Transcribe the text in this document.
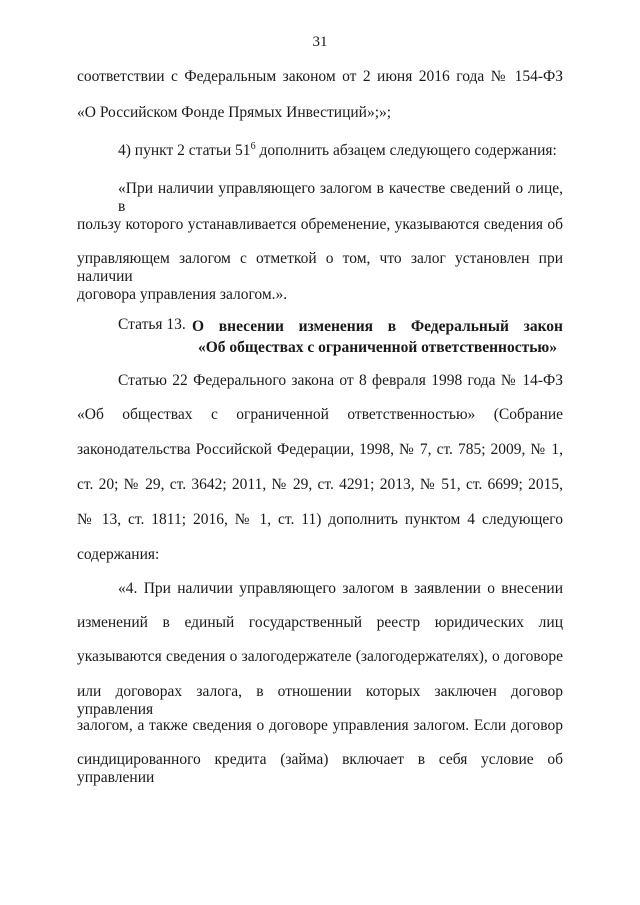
31
соответствии с Федеральным законом от 2 июня 2016 года № 154-ФЗ
«О Российском Фонде Прямых Инвестиций»;»;
4) пункт 2 статьи $51^6$ дополнить абзацем следующего содержания:
«При наличии управляющего залогом в качестве сведений о лице, в
пользу которого устанавливается обременение, указываются сведения об
управляющем залогом с отметкой о том, что залог установлен при наличии
договора управления залогом.».
Статья 13. О внесении изменения в Федеральный закон
«Об обществах с ограниченной ответственностью»
Статью 22 Федерального закона от 8 февраля 1998 года № 14-ФЗ
«Об обществах с ограниченной ответственностью» (Собрание
законодательства Российской Федерации, 1998, № 7, ст. 785; 2009, № 1,
ст. 20; № 29, ст. 3642; 2011, № 29, ст. 4291; 2013, № 51, ст. 6699; 2015,
№ 13, ст. 1811; 2016, № 1, ст. 11) дополнить пунктом 4 следующего
содержания:
«4. При наличии управляющего залогом в заявлении о внесении
изменений в единый государственный реестр юридических лиц
указываются сведения о залогодержателе (залогодержателях), о договоре
или договорах залога, в отношении которых заключен договор управления
залогом, а также сведения о договоре управления залогом. Если договор
синдицированного кредита (займа) включает в себя условие об управлении
